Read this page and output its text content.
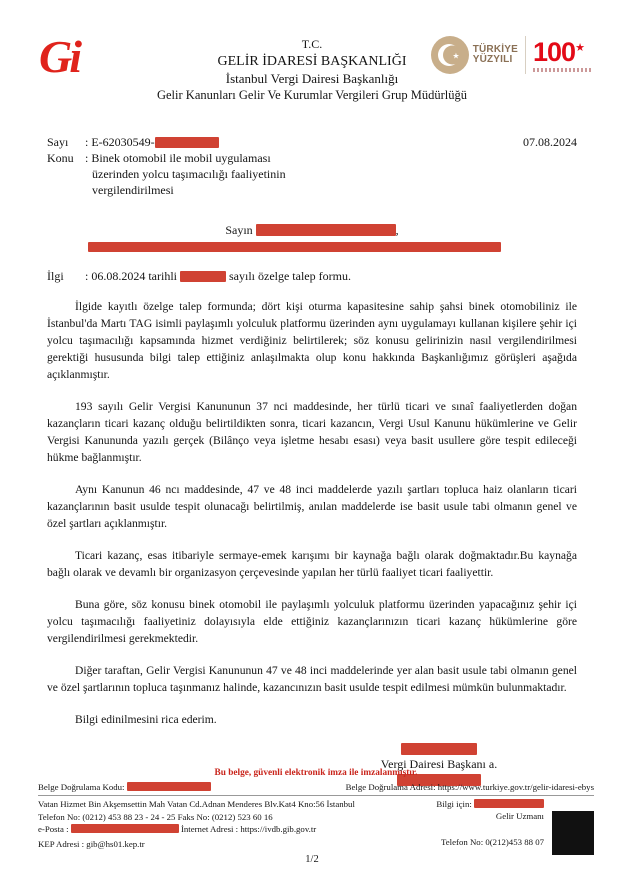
Gi	T.C.
GELİR İDARESİ BAŞKANLIĞI
İstanbul Vergi Dairesi Başkanlığı
Gelir Kanunları Gelir Ve Kurumlar Vergileri Grup Müdürlüğü
★
TÜRKİYE
YÜZYILI 100★
Sayı	: E-62030549-	07.08.2024
Konu : Binek otomobil ile mobil uygulaması
üzerinden yolcu taşımacılığı faaliyetinin
vergilendirilmesi
Sayın	,
İlgi	: 06.08.2024 tarihli	sayılı özelge talep formu.

İlgide kayıtlı özelge talep formunda; dört kişi oturma kapasitesine sahip şahsi binek otomobiliniz ile İstanbul'da Martı TAG isimli paylaşımlı yolculuk platformu üzerinden aynı uygulamayı kullanan kişilere şehir içi yolcu taşımacılığı kapsamında hizmet verdiğiniz belirtilerek; söz konusu gelirinizin nasıl vergilendirilmesi gerektiği hususunda bilgi talep ettiğiniz anlaşılmakta olup konu hakkında Başkanlığımız görüşleri aşağıda açıklanmıştır.

193 sayılı Gelir Vergisi Kanununun 37 nci maddesinde, her türlü ticari ve sınaî faaliyetlerden doğan kazançların ticari kazanç olduğu belirtildikten sonra, ticari kazancın, Vergi Usul Kanunu hükümlerine ve Gelir Vergisi Kanununda yazılı gerçek (Bilânço veya işletme hesabı esası) veya basit usullere göre tespit edileceği hükme bağlanmıştır.

Aynı Kanunun 46 ncı maddesinde, 47 ve 48 inci maddelerde yazılı şartları topluca haiz olanların ticari kazançlarının basit usulde tespit olunacağı belirtilmiş, anılan maddelerde ise basit usule tabi olmanın genel ve özel şartları açıklanmıştır.

Ticari kazanç, esas itibariyle sermaye-emek karışımı bir kaynağa bağlı olarak doğmaktadır.Bu kaynağa bağlı olarak ve devamlı bir organizasyon çerçevesinde yapılan her türlü faaliyet ticari faaliyettir.

Buna göre, söz konusu binek otomobil ile paylaşımlı yolculuk platformu üzerinden yapacağınız şehir içi yolcu taşımacılığı faaliyetiniz dolayısıyla elde ettiğiniz kazançlarınızın ticari kazanç hükümlerine göre vergilendirilmesi gerekmektedir.

Diğer taraftan, Gelir Vergisi Kanununun 47 ve 48 inci maddelerinde yer alan basit usule tabi olmanın genel ve özel şartlarının topluca taşınmanız halinde, kazancınızın basit usulde tespit edilmesi mümkün bulunmaktadır.

Bilgi edinilmesini rica ederim.

Vergi Dairesi Başkanı a.
Bu belge, güvenli elektronik imza ile imzalanmıştır.
Belge Doğrulama Kodu:	Belge Doğrulama Adresi: https://www.turkiye.gov.tr/gelir-idaresi-ebys
Vatan Hizmet Bin Akşemsettin Mah Vatan Cd.Adnan Menderes Blv.Kat4 Kno:56 İstanbul
Telefon No: (0212) 453 88 23 - 24 - 25 Faks No: (0212) 523 60 16
e-Posta :	İnternet Adresi : https://ivdb.gib.gov.tr
KEP Adresi : gib@hs01.kep.tr
Bilgi için:
Gelir Uzmanı
Telefon No: 0(212)453 88 07
1/2
